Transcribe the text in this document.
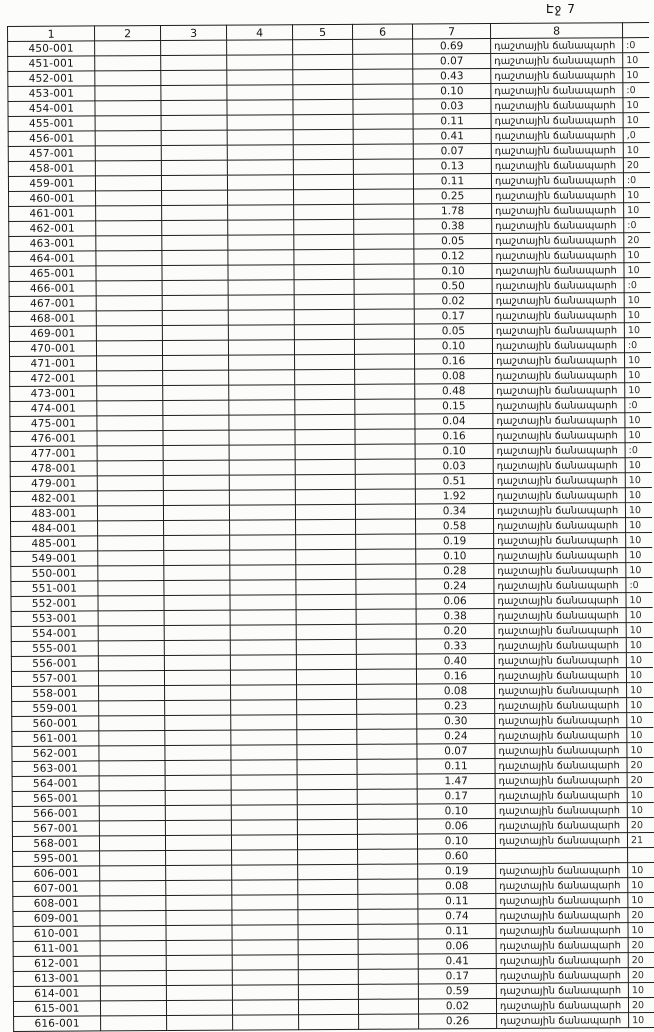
Էջ 7
1	2	3	4	5	6	7	8	
450-001						0.69	դաշտային ճանապարհ	:0
451-001						0.07	դաշտային ճանապարհ	10
452-001						0.43	դաշտային ճանապարհ	10
453-001						0.10	դաշտային ճանապարհ	:0
454-001						0.03	դաշտային ճանապարհ	10
455-001						0.11	դաշտային ճանապարհ	10
456-001						0.41	դաշտային ճանապարհ	,0
457-001						0.07	դաշտային ճանապարհ	10
458-001						0.13	դաշտային ճանապարհ	20
459-001						0.11	դաշտային ճանապարհ	:0
460-001						0.25	դաշտային ճանապարհ	10
461-001						1.78	դաշտային ճանապարհ	10
462-001						0.38	դաշտային ճանապարհ	:0
463-001						0.05	դաշտային ճանապարհ	20
464-001						0.12	դաշտային ճանապարհ	10
465-001						0.10	դաշտային ճանապարհ	10
466-001						0.50	դաշտային ճանապարհ	:0
467-001						0.02	դաշտային ճանապարհ	10
468-001						0.17	դաշտային ճանապարհ	10
469-001						0.05	դաշտային ճանապարհ	10
470-001						0.10	դաշտային ճանապարհ	:0
471-001						0.16	դաշտային ճանապարհ	10
472-001						0.08	դաշտային ճանապարհ	10
473-001						0.48	դաշտային ճանապարհ	10
474-001						0.15	դաշտային ճանապարհ	:0
475-001						0.04	դաշտային ճանապարհ	10
476-001						0.16	դաշտային ճանապարհ	10
477-001						0.10	դաշտային ճանապարհ	:0
478-001						0.03	դաշտային ճանապարհ	10
479-001						0.51	դաշտային ճանապարհ	10
482-001						1.92	դաշտային ճանապարհ	10
483-001						0.34	դաշտային ճանապարհ	10
484-001						0.58	դաշտային ճանապարհ	10
485-001						0.19	դաշտային ճանապարհ	10
549-001						0.10	դաշտային ճանապարհ	10
550-001						0.28	դաշտային ճանապարհ	10
551-001						0.24	դաշտային ճանապարհ	:0
552-001						0.06	դաշտային ճանապարհ	10
553-001						0.38	դաշտային ճանապարհ	10
554-001						0.20	դաշտային ճանապարհ	10
555-001						0.33	դաշտային ճանապարհ	10
556-001						0.40	դաշտային ճանապարհ	10
557-001						0.16	դաշտային ճանապարհ	10
558-001						0.08	դաշտային ճանապարհ	10
559-001						0.23	դաշտային ճանապարհ	10
560-001						0.30	դաշտային ճանապարհ	10
561-001						0.24	դաշտային ճանապարհ	10
562-001						0.07	դաշտային ճանապարհ	10
563-001						0.11	դաշտային ճանապարհ	20
564-001						1.47	դաշտային ճանապարհ	20
565-001						0.17	դաշտային ճանապարհ	10
566-001						0.10	դաշտային ճանապարհ	10
567-001						0.06	դաշտային ճանապարհ	20
568-001						0.10	դաշտային ճանապարհ	21
595-001						0.60		
606-001						0.19	դաշտային ճանապարհ	10
607-001						0.08	դաշտային ճանապարհ	10
608-001						0.11	դաշտային ճանապարհ	10
609-001						0.74	դաշտային ճանապարհ	20
610-001						0.11	դաշտային ճանապարհ	10
611-001						0.06	դաշտային ճանապարհ	20
612-001						0.41	դաշտային ճանապարհ	20
613-001						0.17	դաշտային ճանապարհ	20
614-001						0.59	դաշտային ճանապարհ	10
615-001						0.02	դաշտային ճանապարհ	20
616-001						0.26	դաշտային ճանապարհ	10
